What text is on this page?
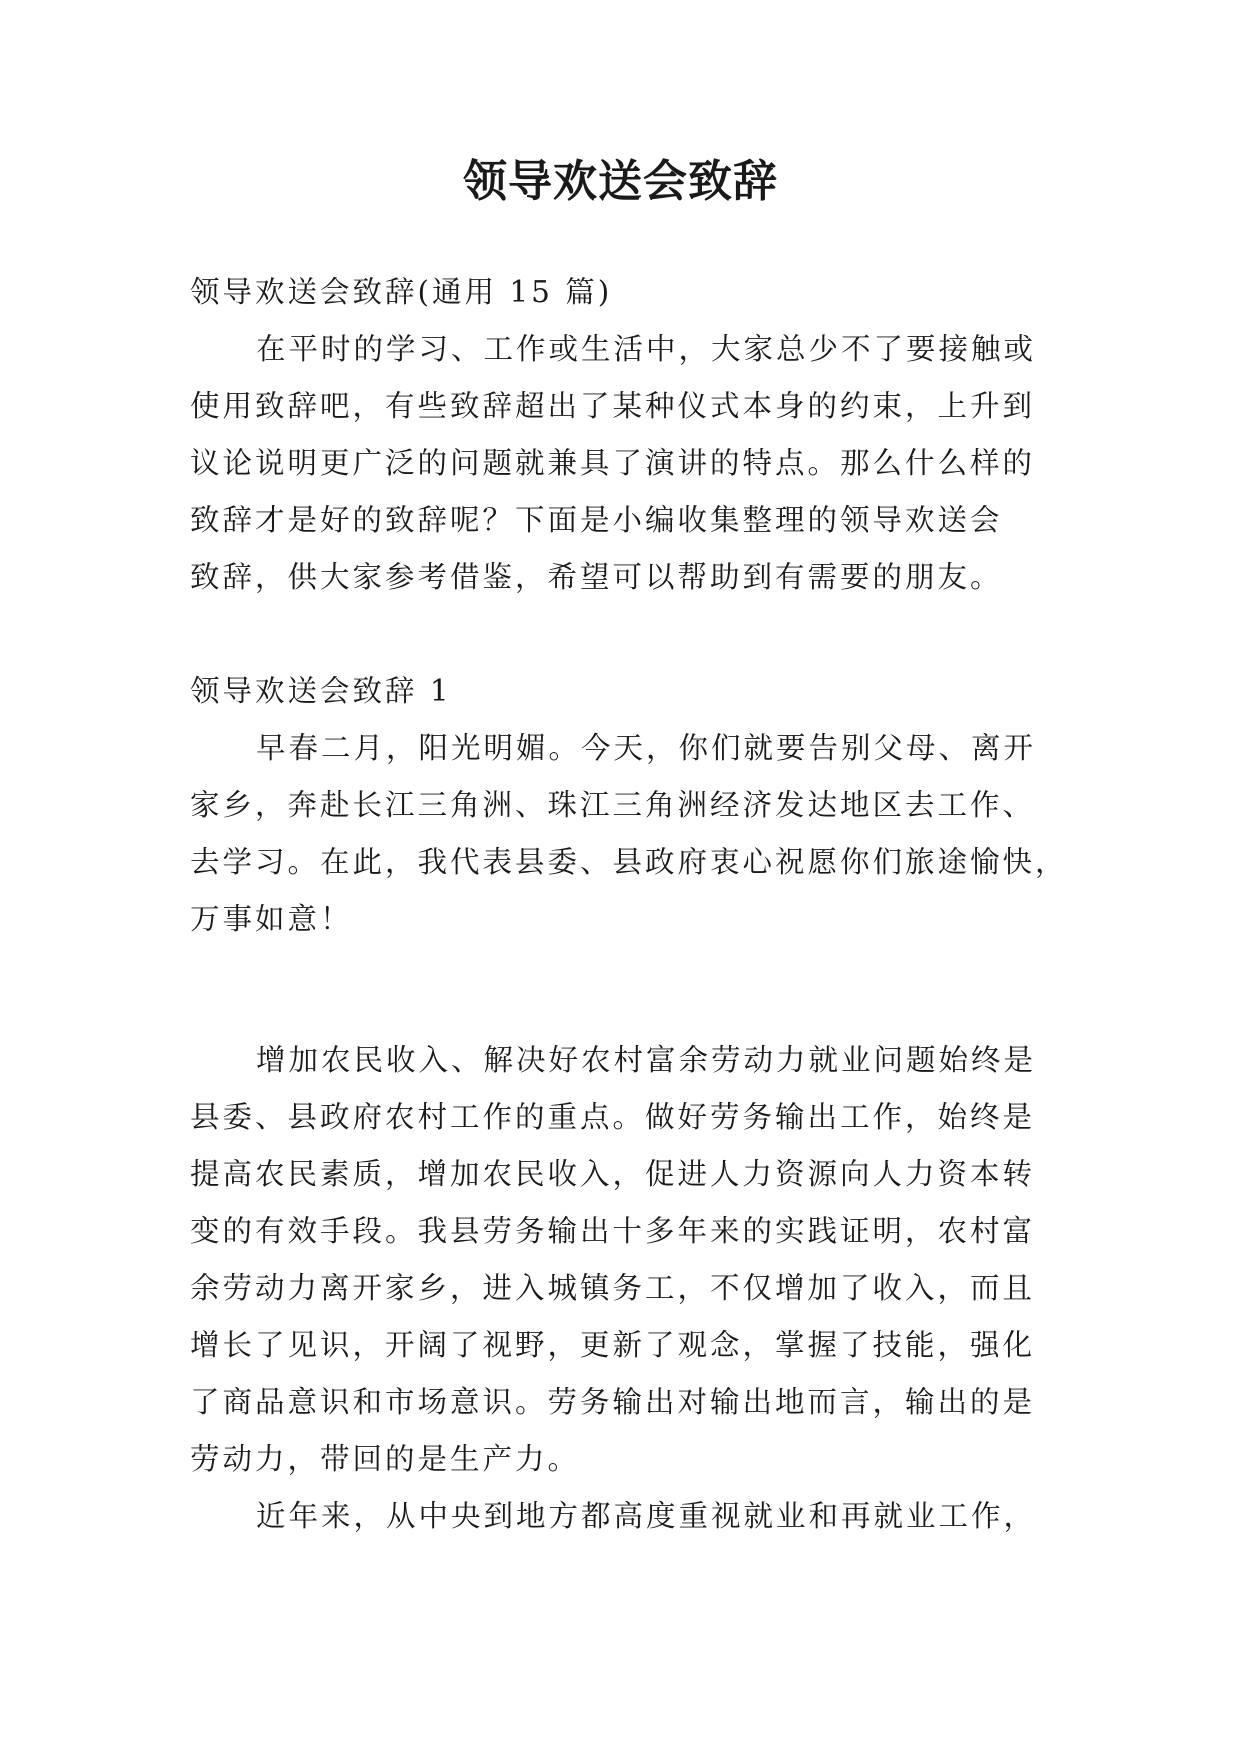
领导欢送会致辞

领导欢送会致辞(通用 15 篇)

在平时的学习、工作或生活中，大家总少不了要接触或

使用致辞吧，有些致辞超出了某种仪式本身的约束，上升到

议论说明更广泛的问题就兼具了演讲的特点。那么什么样的

致辞才是好的致辞呢？下面是小编收集整理的领导欢送会

致辞，供大家参考借鉴，希望可以帮助到有需要的朋友。

领导欢送会致辞 1

早春二月，阳光明媚。今天，你们就要告别父母、离开

家乡，奔赴长江三角洲、珠江三角洲经济发达地区去工作、

去学习。在此，我代表县委、县政府衷心祝愿你们旅途愉快，

万事如意！

增加农民收入、解决好农村富余劳动力就业问题始终是

县委、县政府农村工作的重点。做好劳务输出工作，始终是

提高农民素质，增加农民收入，促进人力资源向人力资本转

变的有效手段。我县劳务输出十多年来的实践证明，农村富

余劳动力离开家乡，进入城镇务工，不仅增加了收入，而且

增长了见识，开阔了视野，更新了观念，掌握了技能，强化

了商品意识和市场意识。劳务输出对输出地而言，输出的是

劳动力，带回的是生产力。

近年来，从中央到地方都高度重视就业和再就业工作，
